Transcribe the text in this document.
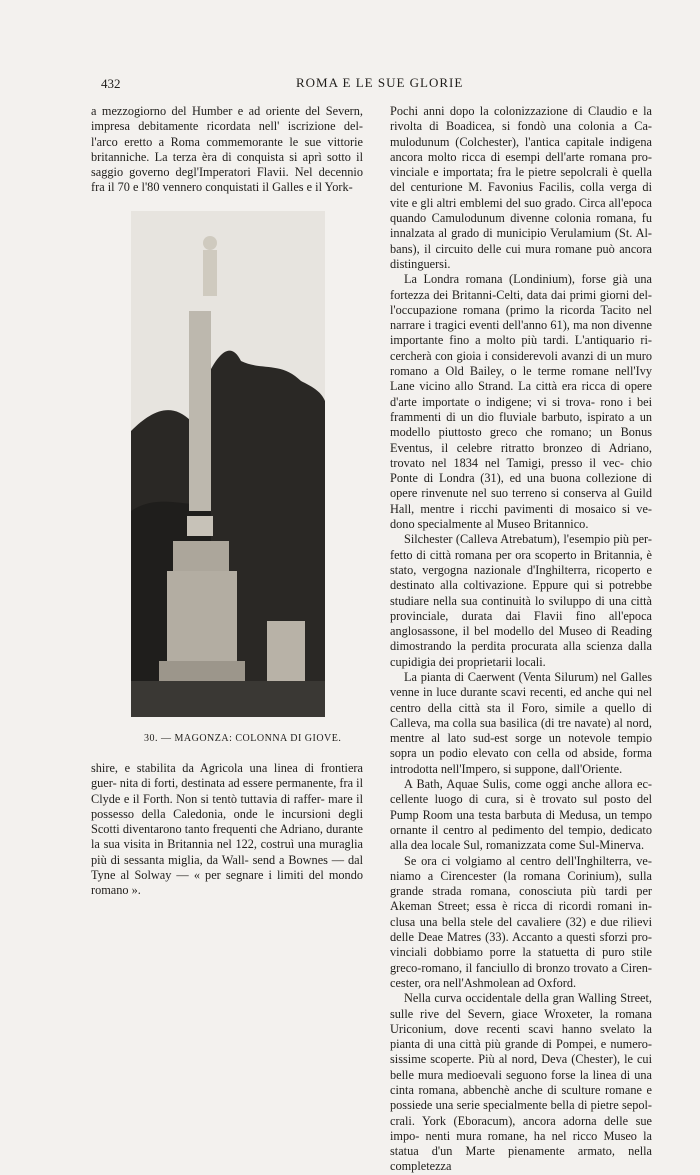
432	ROMA E LE SUE GLORIE

a mezzogiorno del Humber e ad oriente del Severn, impresa debitamente ricordata nell' iscrizione del- l'arco eretto a Roma commemorante le sue vittorie britanniche. La terza èra di conquista si aprì sotto il saggio governo degl'Imperatori Flavii. Nel decennio fra il 70 e l'80 vennero conquistati il Galles e il York-

30. — MAGONZA: COLONNA DI GIOVE.

shire, e stabilita da Agricola una linea di frontiera guer- nita di forti, destinata ad essere permanente, fra il Clyde e il Forth. Non si tentò tuttavia di raffer- mare il possesso della Caledonia, onde le incursioni degli Scotti diventarono tanto frequenti che Adriano, durante la sua visita in Britannia nel 122, costruì una muraglia più di sessanta miglia, da Wall- send a Bownes — dal Tyne al Solway — « per segnare i limiti del mondo romano ».

Pochi anni dopo la colonizzazione di Claudio e la rivolta di Boadicea, si fondò una colonia a Ca- mulodunum (Colchester), l'antica capitale indigena ancora molto ricca di esempi dell'arte romana pro- vinciale e importata; fra le pietre sepolcrali è quella del centurione M. Favonius Facilis, colla verga di vite e gli altri emblemi del suo grado. Circa all'epoca quando Camulodunum divenne colonia romana, fu innalzata al grado di municipio Verulamium (St. Al- bans), il circuito delle cui mura romane può ancora distinguersi.

La Londra romana (Londinium), forse già una fortezza dei Britanni-Celti, data dai primi giorni del- l'occupazione romana (primo la ricorda Tacito nel narrare i tragici eventi dell'anno 61), ma non divenne importante fino a molto più tardi. L'antiquario ri- cercherà con gioia i considerevoli avanzi di un muro romano a Old Bailey, o le terme romane nell'Ivy Lane vicino allo Strand. La città era ricca di opere d'arte importate o indigene; vi si trova- rono i bei frammenti di un dio fluviale barbuto, ispirato a un modello piuttosto greco che romano; un Bonus Eventus, il celebre ritratto bronzeo di Adriano, trovato nel 1834 nel Tamigi, presso il vec- chio Ponte di Londra (31), ed una buona collezione di opere rinvenute nel suo terreno si conserva al Guild Hall, mentre i ricchi pavimenti di mosaico si ve- dono specialmente al Museo Britannico.

Silchester (Calleva Atrebatum), l'esempio più per- fetto di città romana per ora scoperto in Britannia, è stato, vergogna nazionale d'Inghilterra, ricoperto e destinato alla coltivazione. Eppure qui si potrebbe studiare nella sua continuità lo sviluppo di una città provinciale, durata dai Flavii fino all'epoca anglosassone, il bel modello del Museo di Reading dimostrando la perdita procurata alla scienza dalla cupidigia dei proprietarii locali.

La pianta di Caerwent (Venta Silurum) nel Galles venne in luce durante scavi recenti, ed anche qui nel centro della città sta il Foro, simile a quello di Calleva, ma colla sua basilica (di tre navate) al nord, mentre al lato sud-est sorge un notevole tempio sopra un podio elevato con cella od abside, forma introdotta nell'Impero, si suppone, dall'Oriente.

A Bath, Aquae Sulis, come oggi anche allora ec- cellente luogo di cura, si è trovato sul posto del Pump Room una testa barbuta di Medusa, un tempo ornante il centro al pedimento del tempio, dedicato alla dea locale Sul, romanizzata come Sul-Minerva.

Se ora ci volgiamo al centro dell'Inghilterra, ve- niamo a Cirencester (la romana Corinium), sulla grande strada romana, conosciuta più tardi per Akeman Street; essa è ricca di ricordi romani in- clusa una bella stele del cavaliere (32) e due rilievi delle Deae Matres (33). Accanto a questi sforzi pro- vinciali dobbiamo porre la statuetta di puro stile greco-romano, il fanciullo di bronzo trovato a Ciren- cester, ora nell'Ashmolean ad Oxford.

Nella curva occidentale della gran Walling Street, sulle rive del Severn, giace Wroxeter, la romana Uriconium, dove recenti scavi hanno svelato la pianta di una città più grande di Pompei, e numero- sissime scoperte. Più al nord, Deva (Chester), le cui belle mura medioevali seguono forse la linea di una cinta romana, abbenchè anche di sculture romane e possiede una serie specialmente bella di pietre sepol- crali. York (Eboracum), ancora adorna delle sue impo- nenti mura romane, ha nel ricco Museo la statua d'un Marte pienamente armato, nella completezza
